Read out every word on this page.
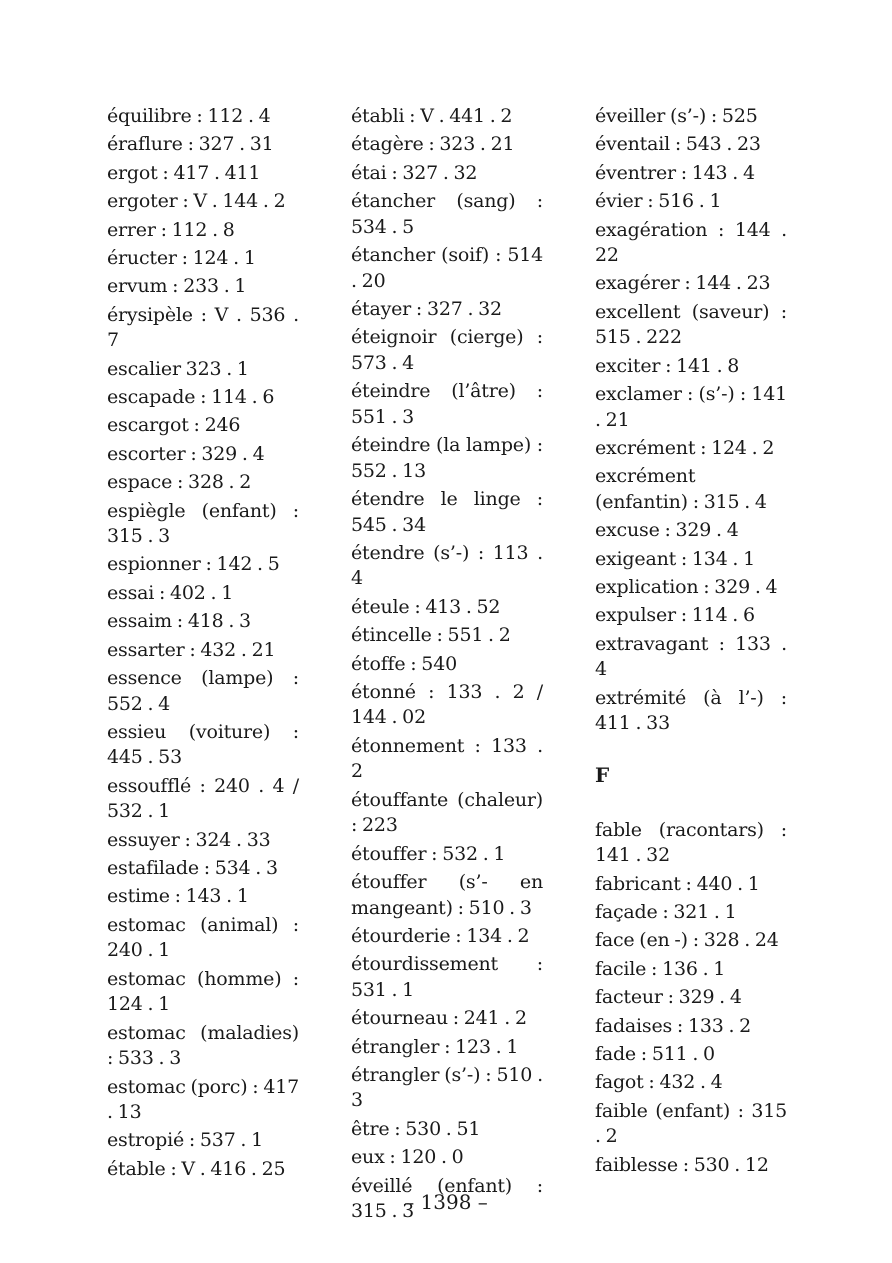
équilibre : 112 . 4
éraflure : 327 . 31
ergot : 417 . 411
ergoter : V . 144 . 2
errer : 112 . 8
éructer : 124 . 1
ervum : 233 . 1
érysipèle : V . 536 . 7
escalier 323 . 1
escapade : 114 . 6
escargot : 246
escorter : 329 . 4
espace : 328 . 2
espiègle (enfant) : 315 . 3
espionner : 142 . 5
essai : 402 . 1
essaim : 418 . 3
essarter : 432 . 21
essence (lampe) : 552 . 4
essieu (voiture) : 445 . 53
essoufflé : 240 . 4 / 532 . 1
essuyer : 324 . 33
estafilade : 534 . 3
estime : 143 . 1
estomac (animal) : 240 . 1
estomac (homme) : 124 . 1
estomac (maladies) : 533 . 3
estomac (porc) : 417 . 13
estropié : 537 . 1
étable : V . 416 . 25
établi : V . 441 . 2
étagère : 323 . 21
étai : 327 . 32
étancher (sang) : 534 . 5
étancher (soif) : 514 . 20
étayer : 327 . 32
éteignoir (cierge) : 573 . 4
éteindre (l’âtre) : 551 . 3
éteindre (la lampe) : 552 . 13
étendre le linge : 545 . 34
étendre (s’-) : 113 . 4
éteule : 413 . 52
étincelle : 551 . 2
étoffe : 540
étonné : 133 . 2 / 144 . 02
étonnement : 133 . 2
étouffante (chaleur) : 223
étouffer : 532 . 1
étouffer (s’- en mangeant) : 510 . 3
étourderie : 134 . 2
étourdissement : 531 . 1
étourneau : 241 . 2
étrangler : 123 . 1
étrangler (s’-) : 510 . 3
être : 530 . 51
eux : 120 . 0
éveillé (enfant) : 315 . 3
éveiller (s’-) : 525
éventail : 543 . 23
éventrer : 143 . 4
évier : 516 . 1
exagération : 144 . 22
exagérer : 144 . 23
excellent (saveur) : 515 . 222
exciter : 141 . 8
exclamer : (s’-) : 141 . 21
excrément : 124 . 2
excrément (enfantin) : 315 . 4
excuse : 329 . 4
exigeant : 134 . 1
explication : 329 . 4
expulser : 114 . 6
extravagant : 133 . 4
extrémité (à l’-) : 411 . 33
F
fable (racontars) : 141 . 32
fabricant : 440 . 1
façade : 321 . 1
face (en -) : 328 . 24
facile : 136 . 1
facteur : 329 . 4
fadaises : 133 . 2
fade : 511 . 0
fagot : 432 . 4
faible (enfant) : 315 . 2
faiblesse : 530 . 12
– 1398 –
